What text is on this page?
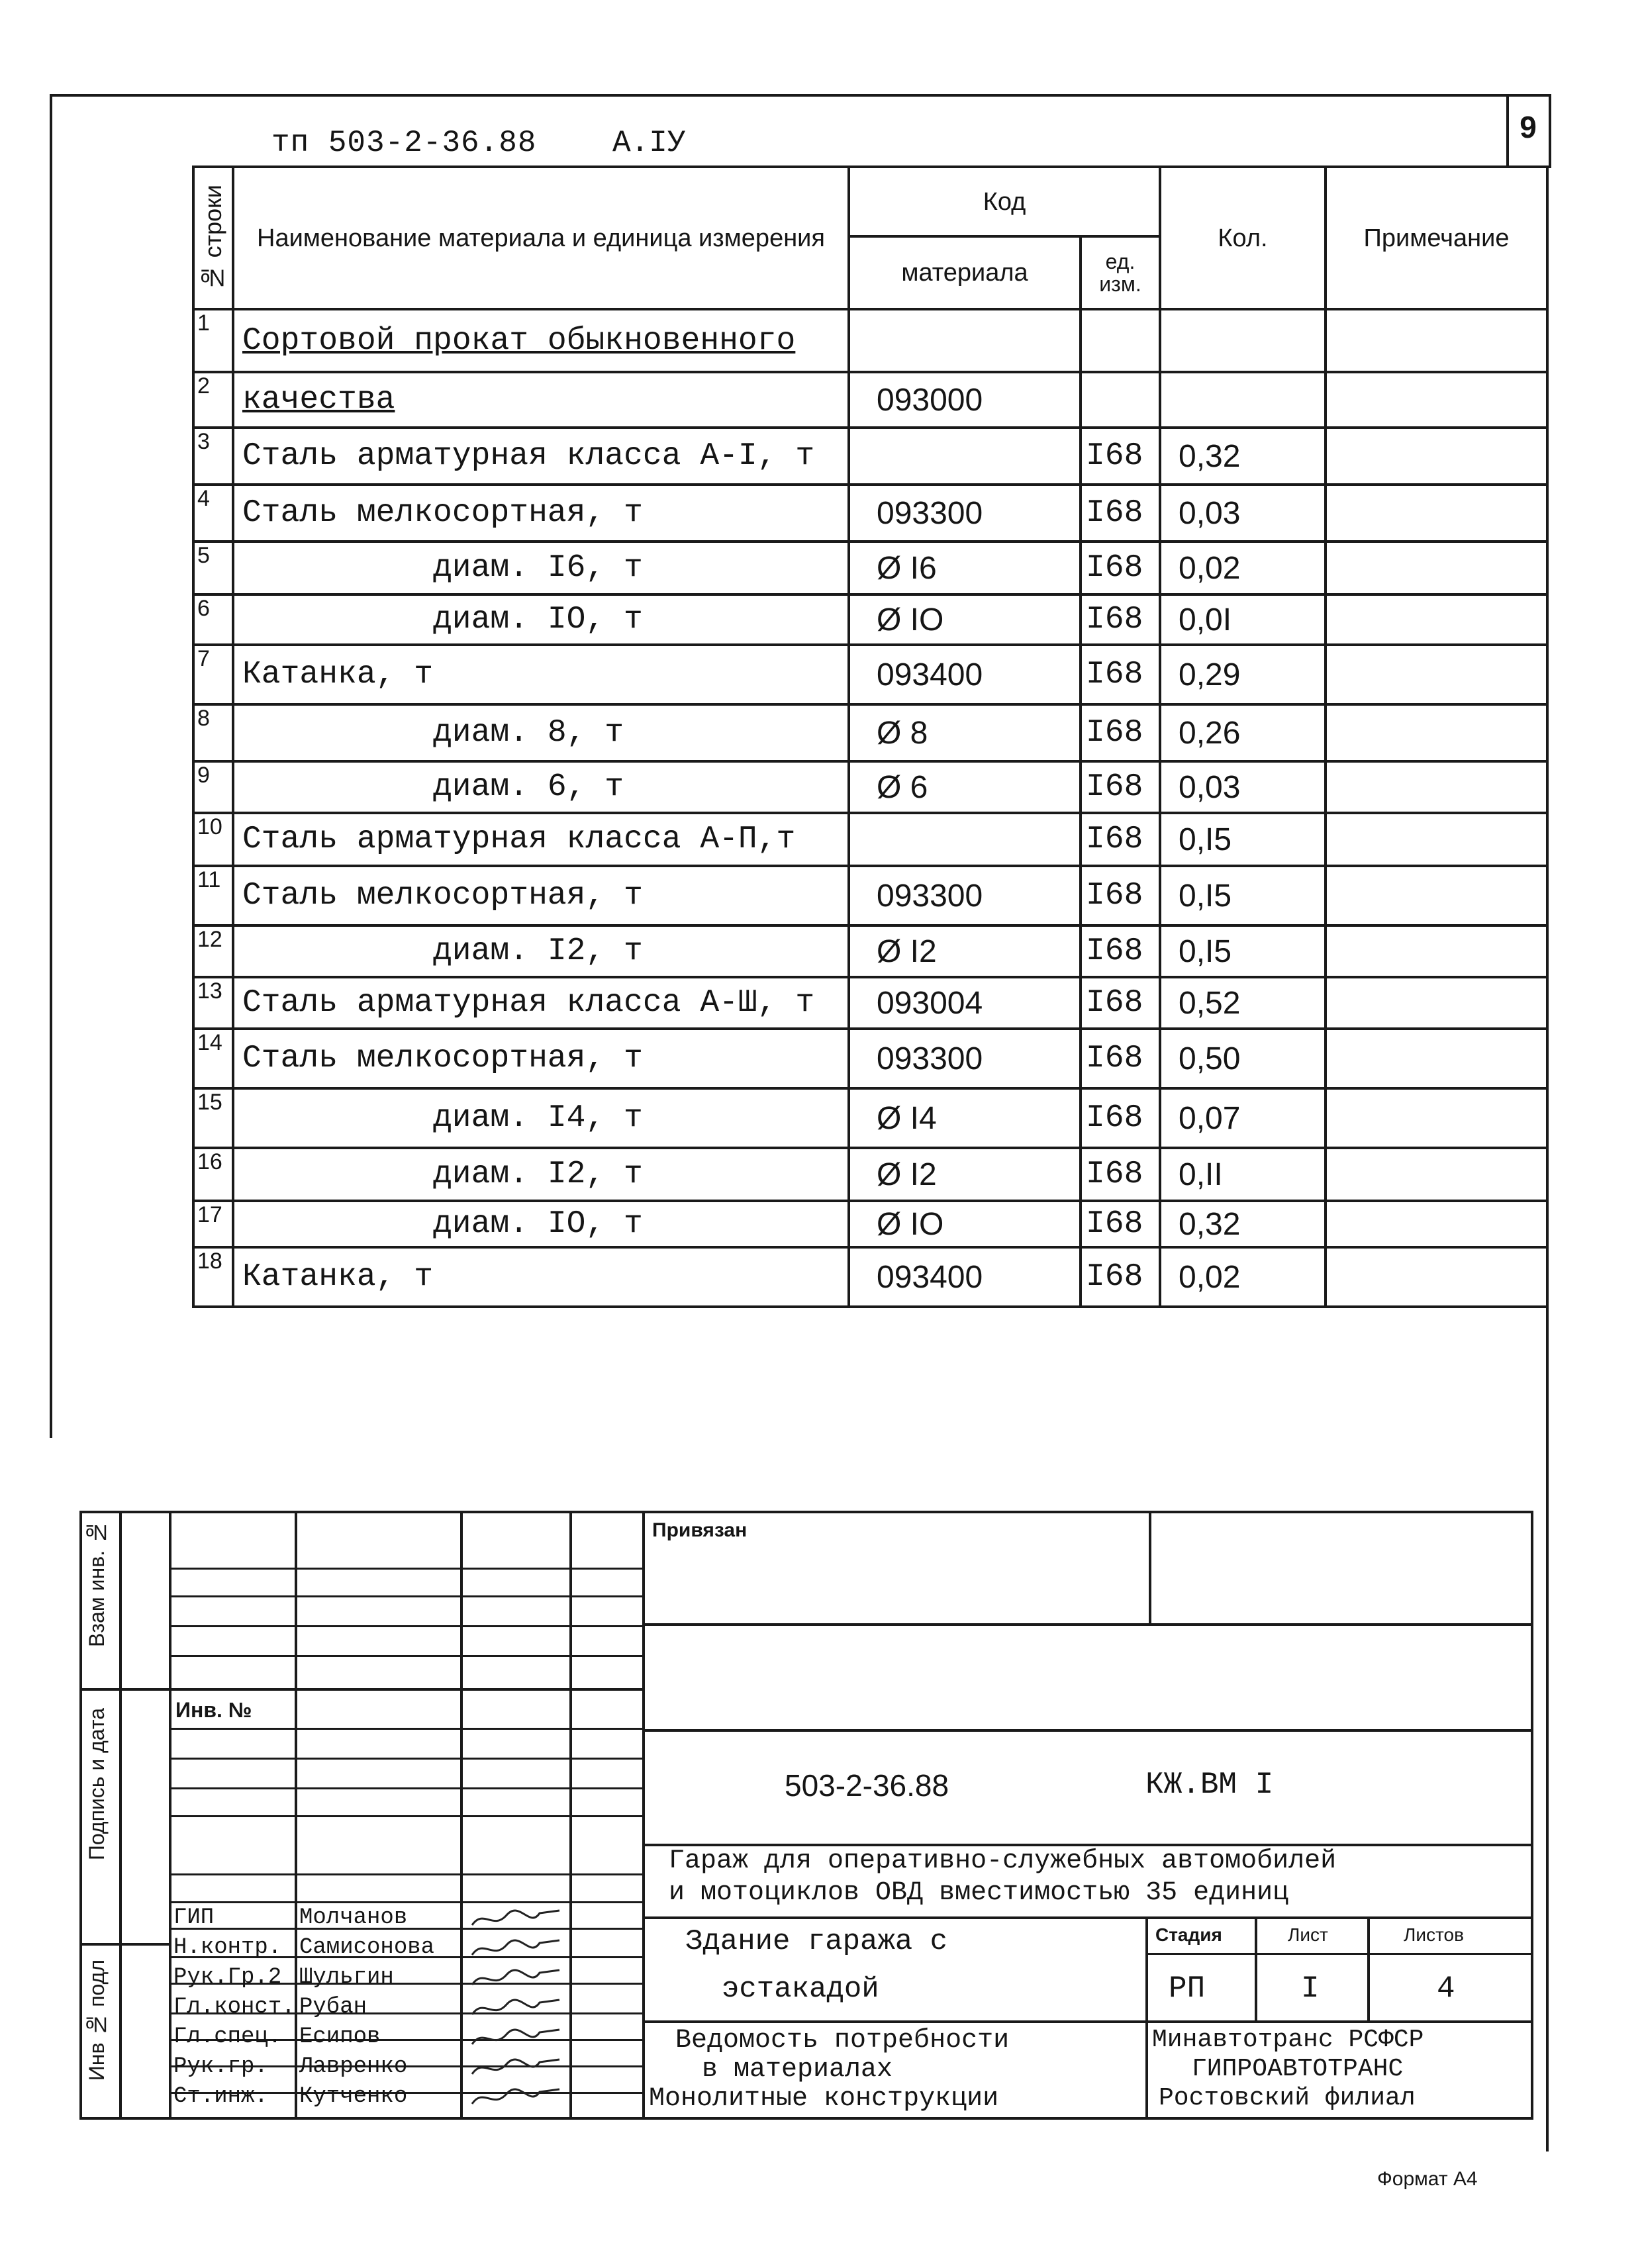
9
тп 503-2-36.88 А.IУ
№ строки	Наименование материала и единица измерения	Код		Кол.	Примечание
		материала	ед. изм.		
1	Сортовой прокат обыкновенного				
2	качества	093000			
3	Сталь арматурная класса А-I, т		I68	0,32	
4	Сталь мелкосортная, т	093300	I68	0,03	
5	диам. I6, т	Ø I6	I68	0,02	
6	диам. IO, т	Ø IO	I68	0,0I	
7	Катанка, т	093400	I68	0,29	
8	диам. 8, т	Ø 8	I68	0,26	
9	диам. 6, т	Ø 6	I68	0,03	
10	Сталь арматурная класса А-П,т		I68	0,I5	
11	Сталь мелкосортная, т	093300	I68	0,I5	
12	диам. I2, т	Ø I2	I68	0,I5	
13	Сталь арматурная класса А-Ш, т	093004	I68	0,52	
14	Сталь мелкосортная, т	093300	I68	0,50	
15	диам. I4, т	Ø I4	I68	0,07	
16	диам. I2, т	Ø I2	I68	0,II	
17	диам. IO, т	Ø IO	I68	0,32	
18	Катанка, т	093400	I68	0,02	
ГИП	Молчанов
Н.контр. Самисонова
Рук.Гр.2 Шульгин
Гл.конст. Рубан
Гл.спец. Есипов
Рук.гр. Лавренко
Ст.инж. Кутченко
Взам инв. №
Подпись и дата
Инв № подл
Привязан
Инв. №
503-2-36.88	КЖ.ВМ I
Гараж для оперативно-служебных автомобилей
и мотоциклов ОВД вместимостью 35 единиц
Здание гаража с
эстакадой
Стадия	Лист	Листов
РП	I	4
Ведомость потребности
в материалах
Монолитные конструкции
Минавтотранс РСФСР
ГИПРОАВТОТРАНС
Ростовский филиал
Формат А4
